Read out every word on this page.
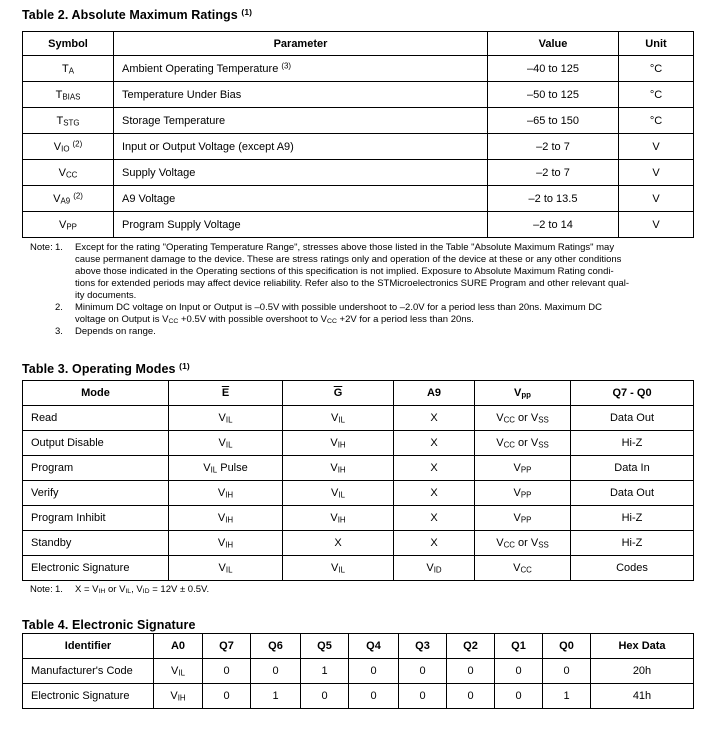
Table 2. Absolute Maximum Ratings $^{(1)}$
Symbol	Parameter	Value	Unit
$T_A$	Ambient Operating Temperature $^{(3)}$	–40 to 125	°C
$T_{BIAS}$	Temperature Under Bias	–50 to 125	°C
$T_{STG}$	Storage Temperature	–65 to 150	°C
$V_{IO}$ $^{(2)}$	Input or Output Voltage (except A9)	–2 to 7	V
$V_{CC}$	Supply Voltage	–2 to 7	V
$V_{A9}$ $^{(2)}$	A9 Voltage	–2 to 13.5	V
$V_{PP}$	Program Supply Voltage	–2 to 14	V
Note: 1.	Except for the rating "Operating Temperature Range", stresses above those listed in the Table "Absolute Maximum Ratings" may
cause permanent damage to the device. These are stress ratings only and operation of the device at these or any other conditions
above those indicated in the Operating sections of this specification is not implied. Exposure to Absolute Maximum Rating condi-
tions for extended periods may affect device reliability. Refer also to the STMicroelectronics SURE Program and other relevant qual-
ity documents.
2.	Minimum DC voltage on Input or Output is –0.5V with possible undershoot to –2.0V for a period less than 20ns. Maximum DC
voltage on Output is $V_{CC} +0.5V$ with possible overshoot to $V_{CC} +2V$ for a period less than 20ns.
3.	Depends on range.
Table 3. Operating Modes $^{(1)}$
Mode	$\overline{E}$	$\overline{G}$	A9	$V_{pp}$	Q7 - Q0
Read	$V_{IL}$	$V_{IL}$	X	$V_{CC}$ or $V_{SS}$	Data Out
Output Disable	$V_{IL}$	$V_{IH}$	X	$V_{CC}$ or $V_{SS}$	Hi-Z
Program	$V_{IL}$ Pulse	$V_{IH}$	X	$V_{PP}$	Data In
Verify	$V_{IH}$	$V_{IL}$	X	$V_{PP}$	Data Out
Program Inhibit	$V_{IH}$	$V_{IH}$	X	$V_{PP}$	Hi-Z
Standby	$V_{IH}$	X	X	$V_{CC}$ or $V_{SS}$	Hi-Z
Electronic Signature	$V_{IL}$	$V_{IL}$	$V_{ID}$	$V_{CC}$	Codes
Note: 1.	$X = V_{IH}$ or $V_{IL}$, $V_{ID} = 12V \pm 0.5V$.
Table 4. Electronic Signature
Identifier	A0	Q7	Q6	Q5	Q4	Q3	Q2	Q1	Q0	Hex Data
Manufacturer's Code	$V_{IL}$	0	0	1	0	0	0	0	0	20h
Electronic Signature	$V_{IH}$	0	1	0	0	0	0	0	1	41h
